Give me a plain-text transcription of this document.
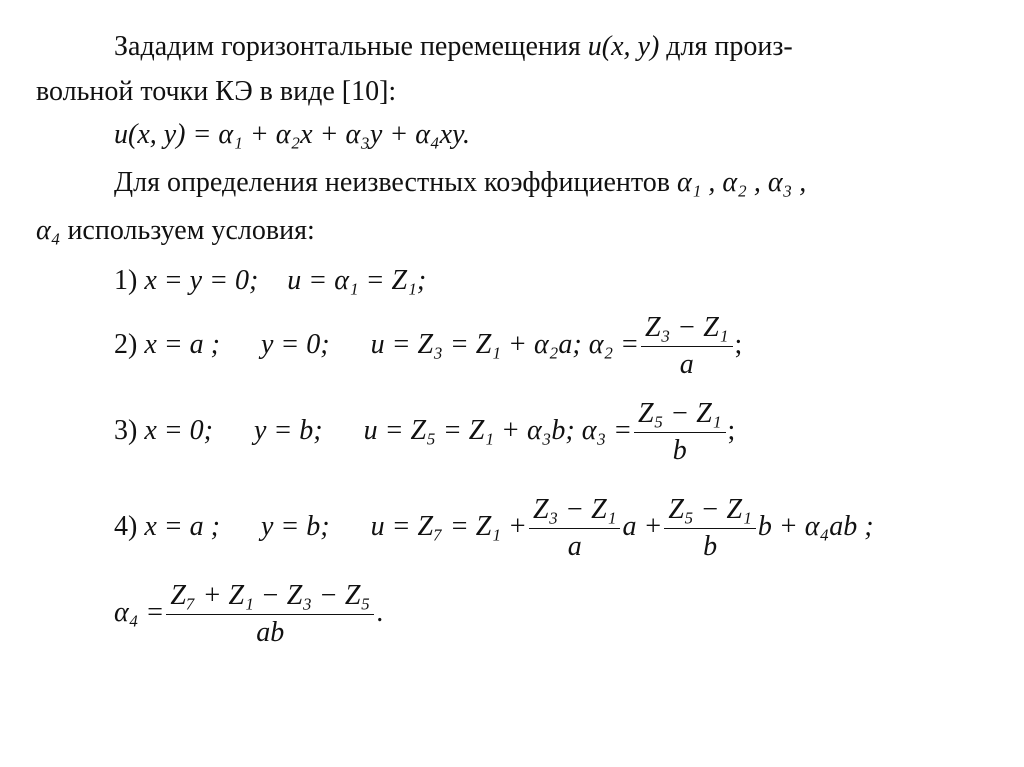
Зададим горизонтальные перемещения u(x, y) для произ-
вольной точки КЭ в виде [10]:
u(x, y) = α₁ + α₂x + α₃y + α₄xy.
Для определения неизвестных коэффициентов α₁ , α₂ , α₃ ,
α₄ используем условия:
1) x = y = 0; u = α₁ = Z₁;
2) x = a ; y = 0; u = Z₃ = Z₁ + α₂a; $\alpha_2 = \frac{\text{Z₃ − Z₁}}{a}$ ;
3) x = 0; y = b; u = Z₅ = Z₁ + α₃b; $\alpha_3 = \frac{\text{Z₅ − Z₁}}{b}$ ;
4) x = a ; y = b; $u = Z_7 = Z_1 + \frac{\text{Z₃ − Z₁}}{a}$ $a + \frac{\text{Z₅ − Z₁}}{b}$ b + α₄ab ;
$\alpha_4 = \frac{\text{Z₇ + Z₁ − Z₃ − Z₅}}{ab}$ .
